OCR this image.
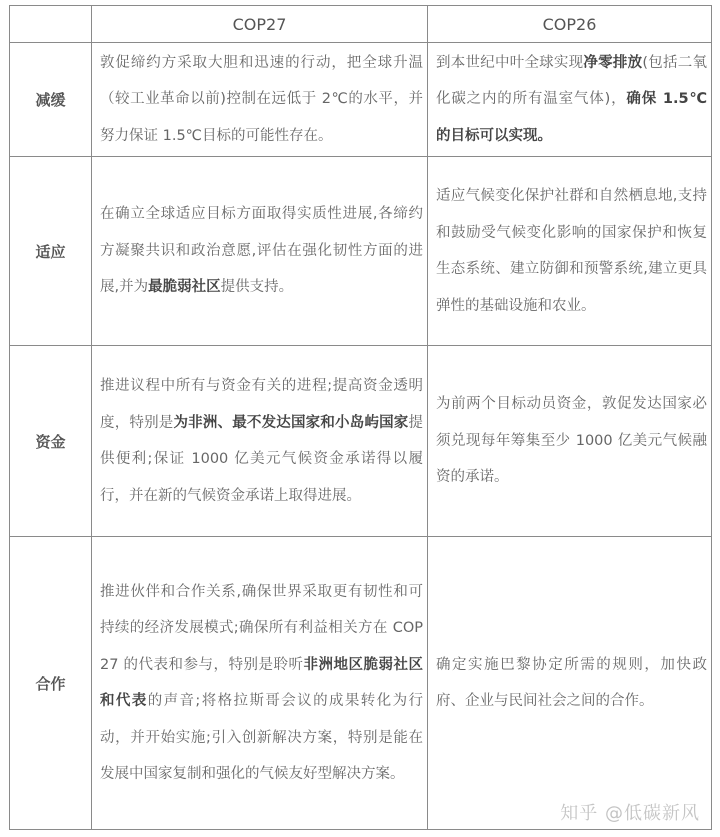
	COP27	COP26
减缓	敦促缔约方采取大胆和迅速的行动，把全球升温（较工业革命以前)控制在远低于 2℃的水平，并努力保证 1.5℃目标的可能性存在。	到本世纪中叶全球实现净零排放(包括二氧化碳之内的所有温室气体)，确保 1.5℃的目标可以实现。
适应	在确立全球适应目标方面取得实质性进展,各缔约方凝聚共识和政治意愿,评估在强化韧性方面的进展,并为最脆弱社区提供支持。	适应气候变化保护社群和自然栖息地,支持和鼓励受气候变化影响的国家保护和恢复生态系统、建立防御和预警系统,建立更具弹性的基础设施和农业。
资金	推进议程中所有与资金有关的进程;提高资金透明度，特别是为非洲、最不发达国家和小岛屿国家提供便利;保证 1000 亿美元气候资金承诺得以履行，并在新的气候资金承诺上取得进展。	为前两个目标动员资金，敦促发达国家必须兑现每年筹集至少 1000 亿美元气候融资的承诺。
合作	推进伙伴和合作关系,确保世界采取更有韧性和可持续的经济发展模式;确保所有利益相关方在 COP27 的代表和参与，特别是聆听非洲地区脆弱社区和代表的声音;将格拉斯哥会议的成果转化为行动，并开始实施;引入创新解决方案，特别是能在发展中国家复制和强化的气候友好型解决方案。	确定实施巴黎协定所需的规则，加快政府、企业与民间社会之间的合作。
知乎 @低碳新风
